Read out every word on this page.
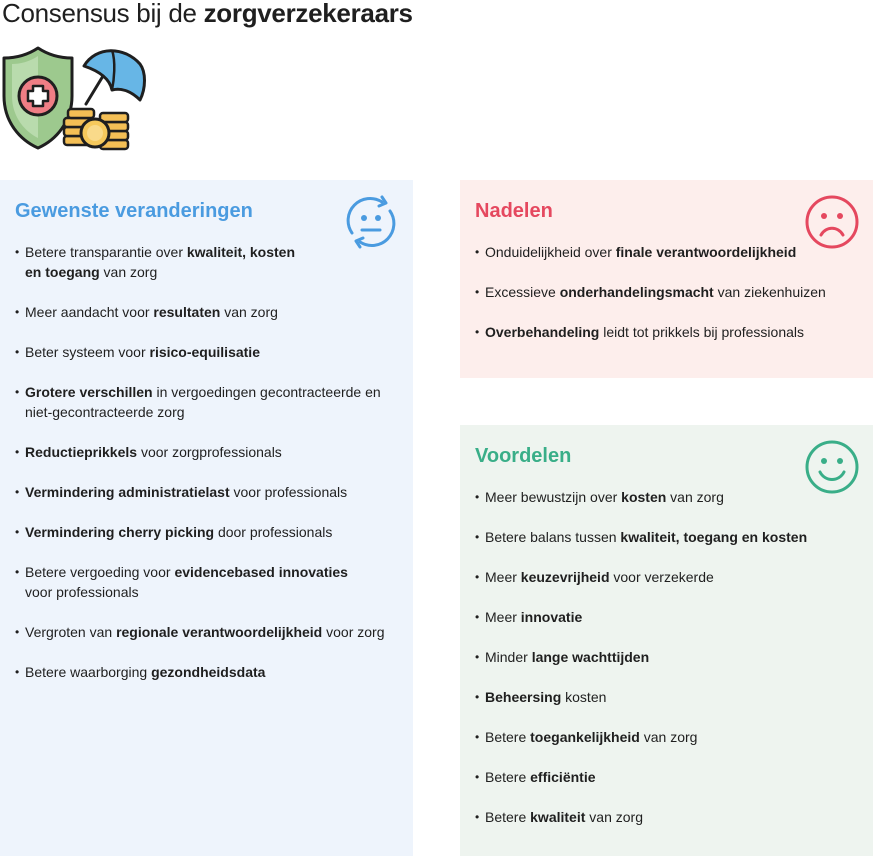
Consensus bij de zorgverzekeraars
Gewenste veranderingen
• Betere transparantie over kwaliteit, kosten
en toegang van zorg
• Meer aandacht voor resultaten van zorg
• Beter systeem voor risico-equilisatie
• Grotere verschillen in vergoedingen gecontracteerde en niet-gecontracteerde zorg
• Reductieprikkels voor zorgprofessionals
• Vermindering administratielast voor professionals
• Vermindering cherry picking door professionals
• Betere vergoeding voor evidencebased innovaties
voor professionals
• Vergroten van regionale verantwoordelijkheid voor zorg
• Betere waarborging gezondheidsdata
Nadelen
• Onduidelijkheid over finale verantwoordelijkheid
• Excessieve onderhandelingsmacht van ziekenhuizen
• Overbehandeling leidt tot prikkels bij professionals
Voordelen
• Meer bewustzijn over kosten van zorg
• Betere balans tussen kwaliteit, toegang en kosten
• Meer keuzevrijheid voor verzekerde
• Meer innovatie
• Minder lange wachttijden
• Beheersing kosten
• Betere toegankelijkheid van zorg
• Betere efficiëntie
• Betere kwaliteit van zorg
